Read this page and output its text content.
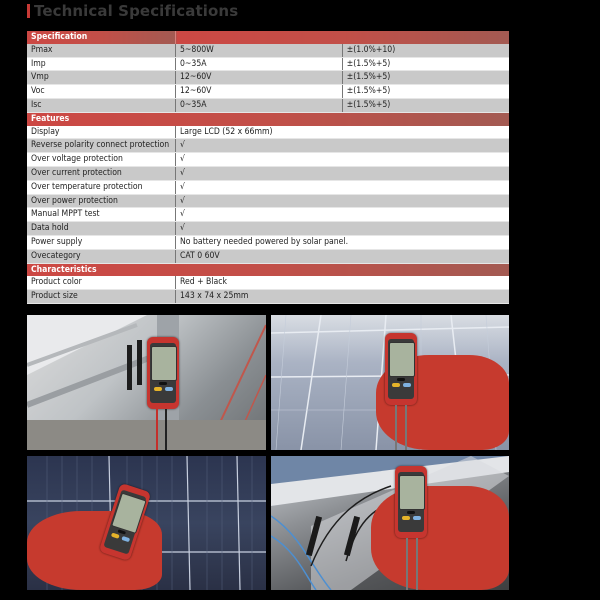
Technical Specifications
Specification		
Pmax	5~800W	±(1.0%+10)
Imp	0~35A	±(1.5%+5)
Vmp	12~60V	±(1.5%+5)
Voc	12~60V	±(1.5%+5)
Isc	0~35A	±(1.5%+5)
Features		
Display	Large LCD (52 x 66mm)	
Reverse polarity connect protection	√	
Over voltage protection	√	
Over current protection	√	
Over temperature protection	√	
Over power protection	√	
Manual MPPT test	√	
Data hold	√	
Power supply	No battery needed powered by solar panel.	
Ovecategory	CAT 0 60V	
Characteristics		
Product color	Red + Black	
Product size	143 x 74 x 25mm	
